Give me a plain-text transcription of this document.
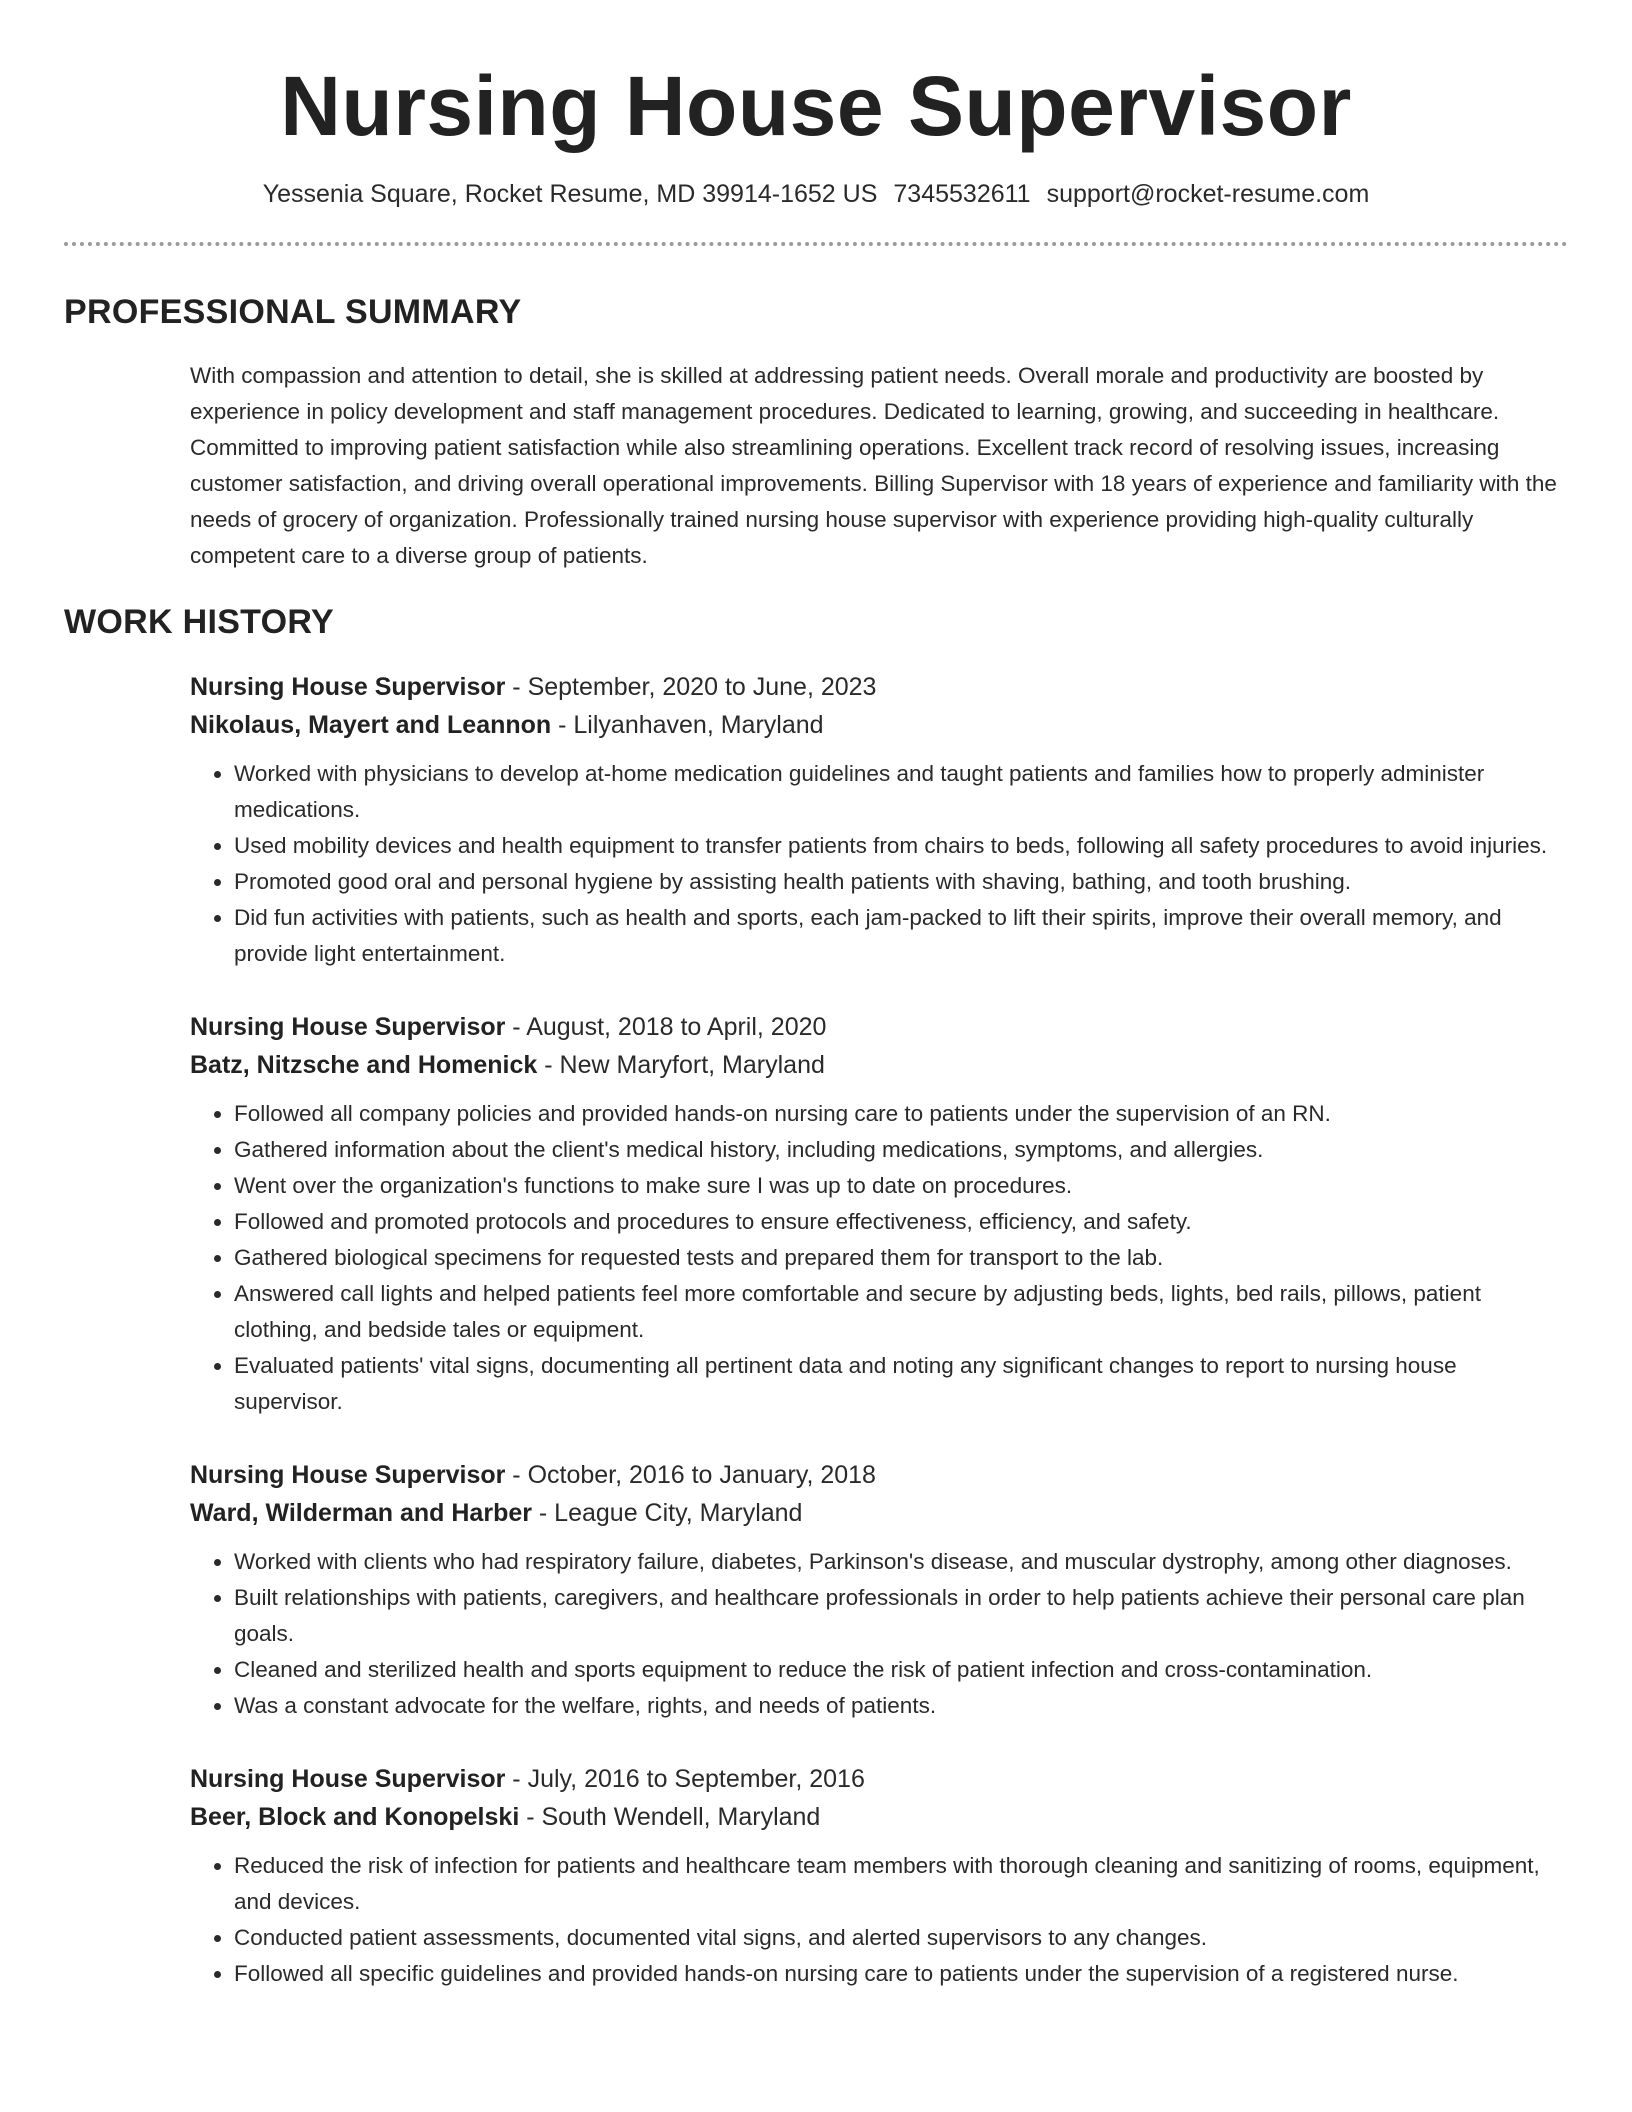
Nursing House Supervisor
Yessenia Square, Rocket Resume, MD 39914-1652 US 7345532611 support@rocket-resume.com
PROFESSIONAL SUMMARY
With compassion and attention to detail, she is skilled at addressing patient needs. Overall morale and productivity are boosted by experience in policy development and staff management procedures. Dedicated to learning, growing, and succeeding in healthcare. Committed to improving patient satisfaction while also streamlining operations. Excellent track record of resolving issues, increasing customer satisfaction, and driving overall operational improvements. Billing Supervisor with 18 years of experience and familiarity with the needs of grocery of organization. Professionally trained nursing house supervisor with experience providing high-quality culturally competent care to a diverse group of patients.
WORK HISTORY
Nursing House Supervisor - September, 2020 to June, 2023
Nikolaus, Mayert and Leannon - Lilyanhaven, Maryland
• Worked with physicians to develop at-home medication guidelines and taught patients and families how to properly administer medications.
• Used mobility devices and health equipment to transfer patients from chairs to beds, following all safety procedures to avoid injuries.
• Promoted good oral and personal hygiene by assisting health patients with shaving, bathing, and tooth brushing.
• Did fun activities with patients, such as health and sports, each jam-packed to lift their spirits, improve their overall memory, and provide light entertainment.
Nursing House Supervisor - August, 2018 to April, 2020
Batz, Nitzsche and Homenick - New Maryfort, Maryland
• Followed all company policies and provided hands-on nursing care to patients under the supervision of an RN.
• Gathered information about the client's medical history, including medications, symptoms, and allergies.
• Went over the organization's functions to make sure I was up to date on procedures.
• Followed and promoted protocols and procedures to ensure effectiveness, efficiency, and safety.
• Gathered biological specimens for requested tests and prepared them for transport to the lab.
• Answered call lights and helped patients feel more comfortable and secure by adjusting beds, lights, bed rails, pillows, patient clothing, and bedside tales or equipment.
• Evaluated patients' vital signs, documenting all pertinent data and noting any significant changes to report to nursing house supervisor.
Nursing House Supervisor - October, 2016 to January, 2018
Ward, Wilderman and Harber - League City, Maryland
• Worked with clients who had respiratory failure, diabetes, Parkinson's disease, and muscular dystrophy, among other diagnoses.
• Built relationships with patients, caregivers, and healthcare professionals in order to help patients achieve their personal care plan goals.
• Cleaned and sterilized health and sports equipment to reduce the risk of patient infection and cross-contamination.
• Was a constant advocate for the welfare, rights, and needs of patients.
Nursing House Supervisor - July, 2016 to September, 2016
Beer, Block and Konopelski - South Wendell, Maryland
• Reduced the risk of infection for patients and healthcare team members with thorough cleaning and sanitizing of rooms, equipment, and devices.
• Conducted patient assessments, documented vital signs, and alerted supervisors to any changes.
• Followed all specific guidelines and provided hands-on nursing care to patients under the supervision of a registered nurse.
